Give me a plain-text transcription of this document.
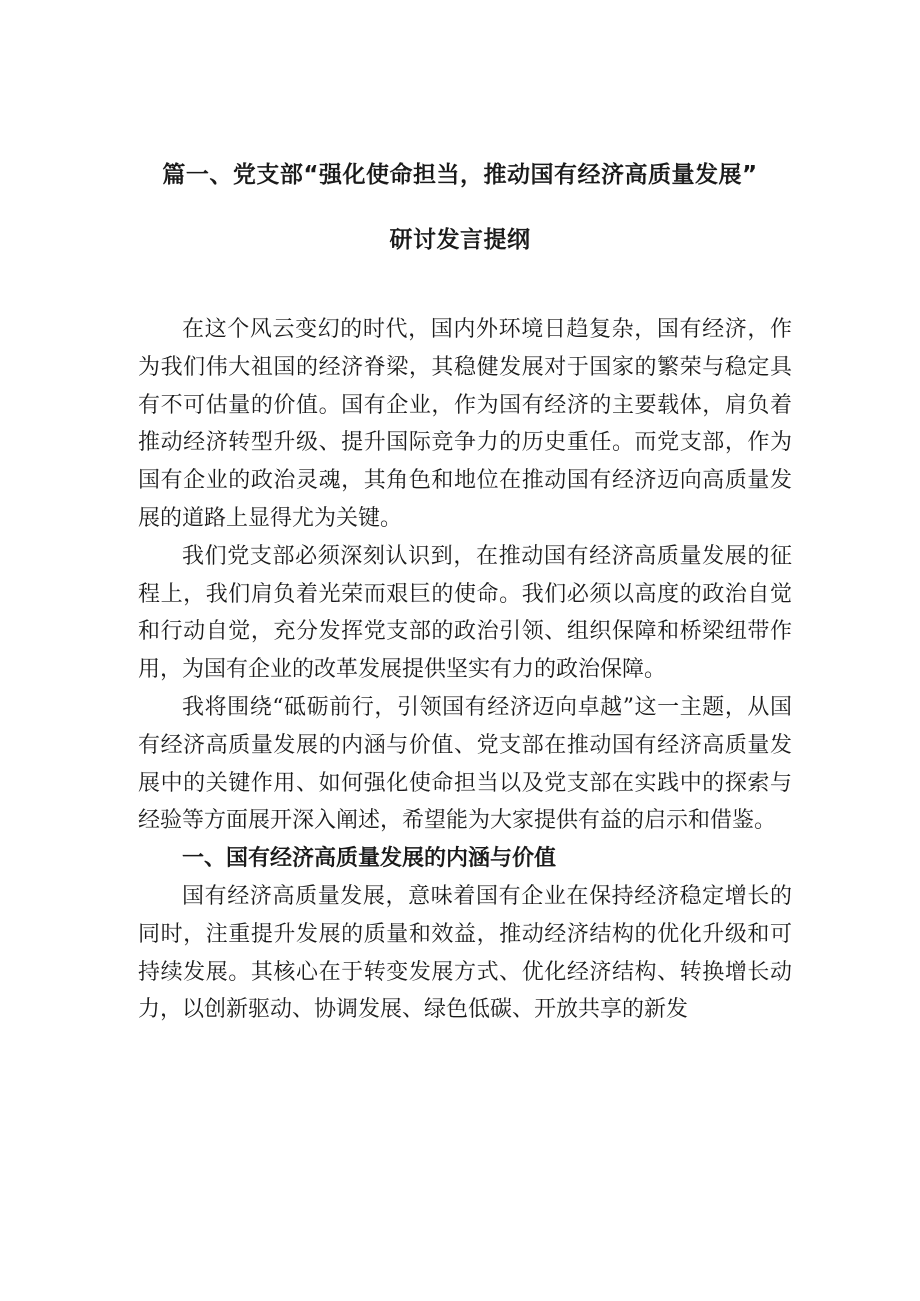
篇一、党支部“强化使命担当，推动国有经济高质量发展”
研讨发言提纲

在这个风云变幻的时代，国内外环境日趋复杂，国有经济，作为我们伟大祖国的经济脊梁，其稳健发展对于国家的繁荣与稳定具有不可估量的价值。国有企业，作为国有经济的主要载体，肩负着推动经济转型升级、提升国际竞争力的历史重任。而党支部，作为国有企业的政治灵魂，其角色和地位在推动国有经济迈向高质量发展的道路上显得尤为关键。

我们党支部必须深刻认识到，在推动国有经济高质量发展的征程上，我们肩负着光荣而艰巨的使命。我们必须以高度的政治自觉和行动自觉，充分发挥党支部的政治引领、组织保障和桥梁纽带作用，为国有企业的改革发展提供坚实有力的政治保障。

我将围绕“砥砺前行，引领国有经济迈向卓越”这一主题，从国有经济高质量发展的内涵与价值、党支部在推动国有经济高质量发展中的关键作用、如何强化使命担当以及党支部在实践中的探索与经验等方面展开深入阐述，希望能为大家提供有益的启示和借鉴。

一、国有经济高质量发展的内涵与价值

国有经济高质量发展，意味着国有企业在保持经济稳定增长的同时，注重提升发展的质量和效益，推动经济结构的优化升级和可持续发展。其核心在于转变发展方式、优化经济结构、转换增长动力，以创新驱动、协调发展、绿色低碳、开放共享的新发
